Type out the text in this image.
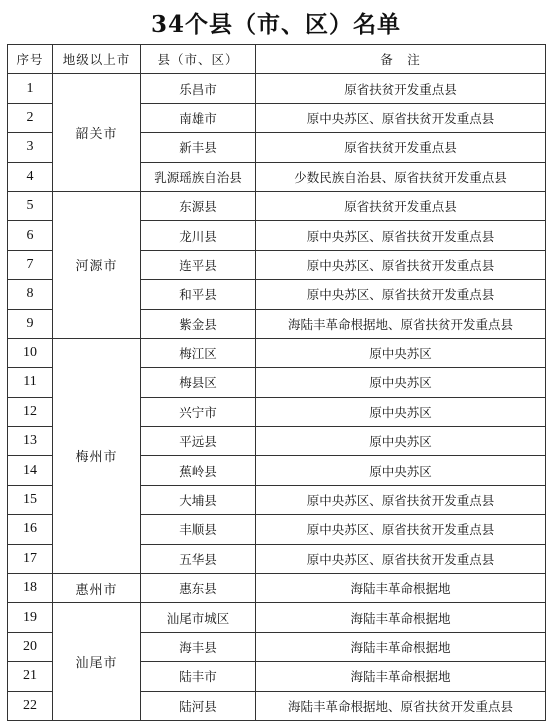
34个县（市、区）名单
序号	地级以上市	县（市、区）	备　注
1	韶关市	乐昌市	原省扶贫开发重点县
2		南雄市	原中央苏区、原省扶贫开发重点县
3		新丰县	原省扶贫开发重点县
4		乳源瑶族自治县	少数民族自治县、原省扶贫开发重点县
5	河源市	东源县	原省扶贫开发重点县
6		龙川县	原中央苏区、原省扶贫开发重点县
7		连平县	原中央苏区、原省扶贫开发重点县
8		和平县	原中央苏区、原省扶贫开发重点县
9		紫金县	海陆丰革命根据地、原省扶贫开发重点县
10	梅州市	梅江区	原中央苏区
11		梅县区	原中央苏区
12		兴宁市	原中央苏区
13		平远县	原中央苏区
14		蕉岭县	原中央苏区
15		大埔县	原中央苏区、原省扶贫开发重点县
16		丰顺县	原中央苏区、原省扶贫开发重点县
17		五华县	原中央苏区、原省扶贫开发重点县
18	惠州市	惠东县	海陆丰革命根据地
19	汕尾市	汕尾市城区	海陆丰革命根据地
20		海丰县	海陆丰革命根据地
21		陆丰市	海陆丰革命根据地
22		陆河县	海陆丰革命根据地、原省扶贫开发重点县
